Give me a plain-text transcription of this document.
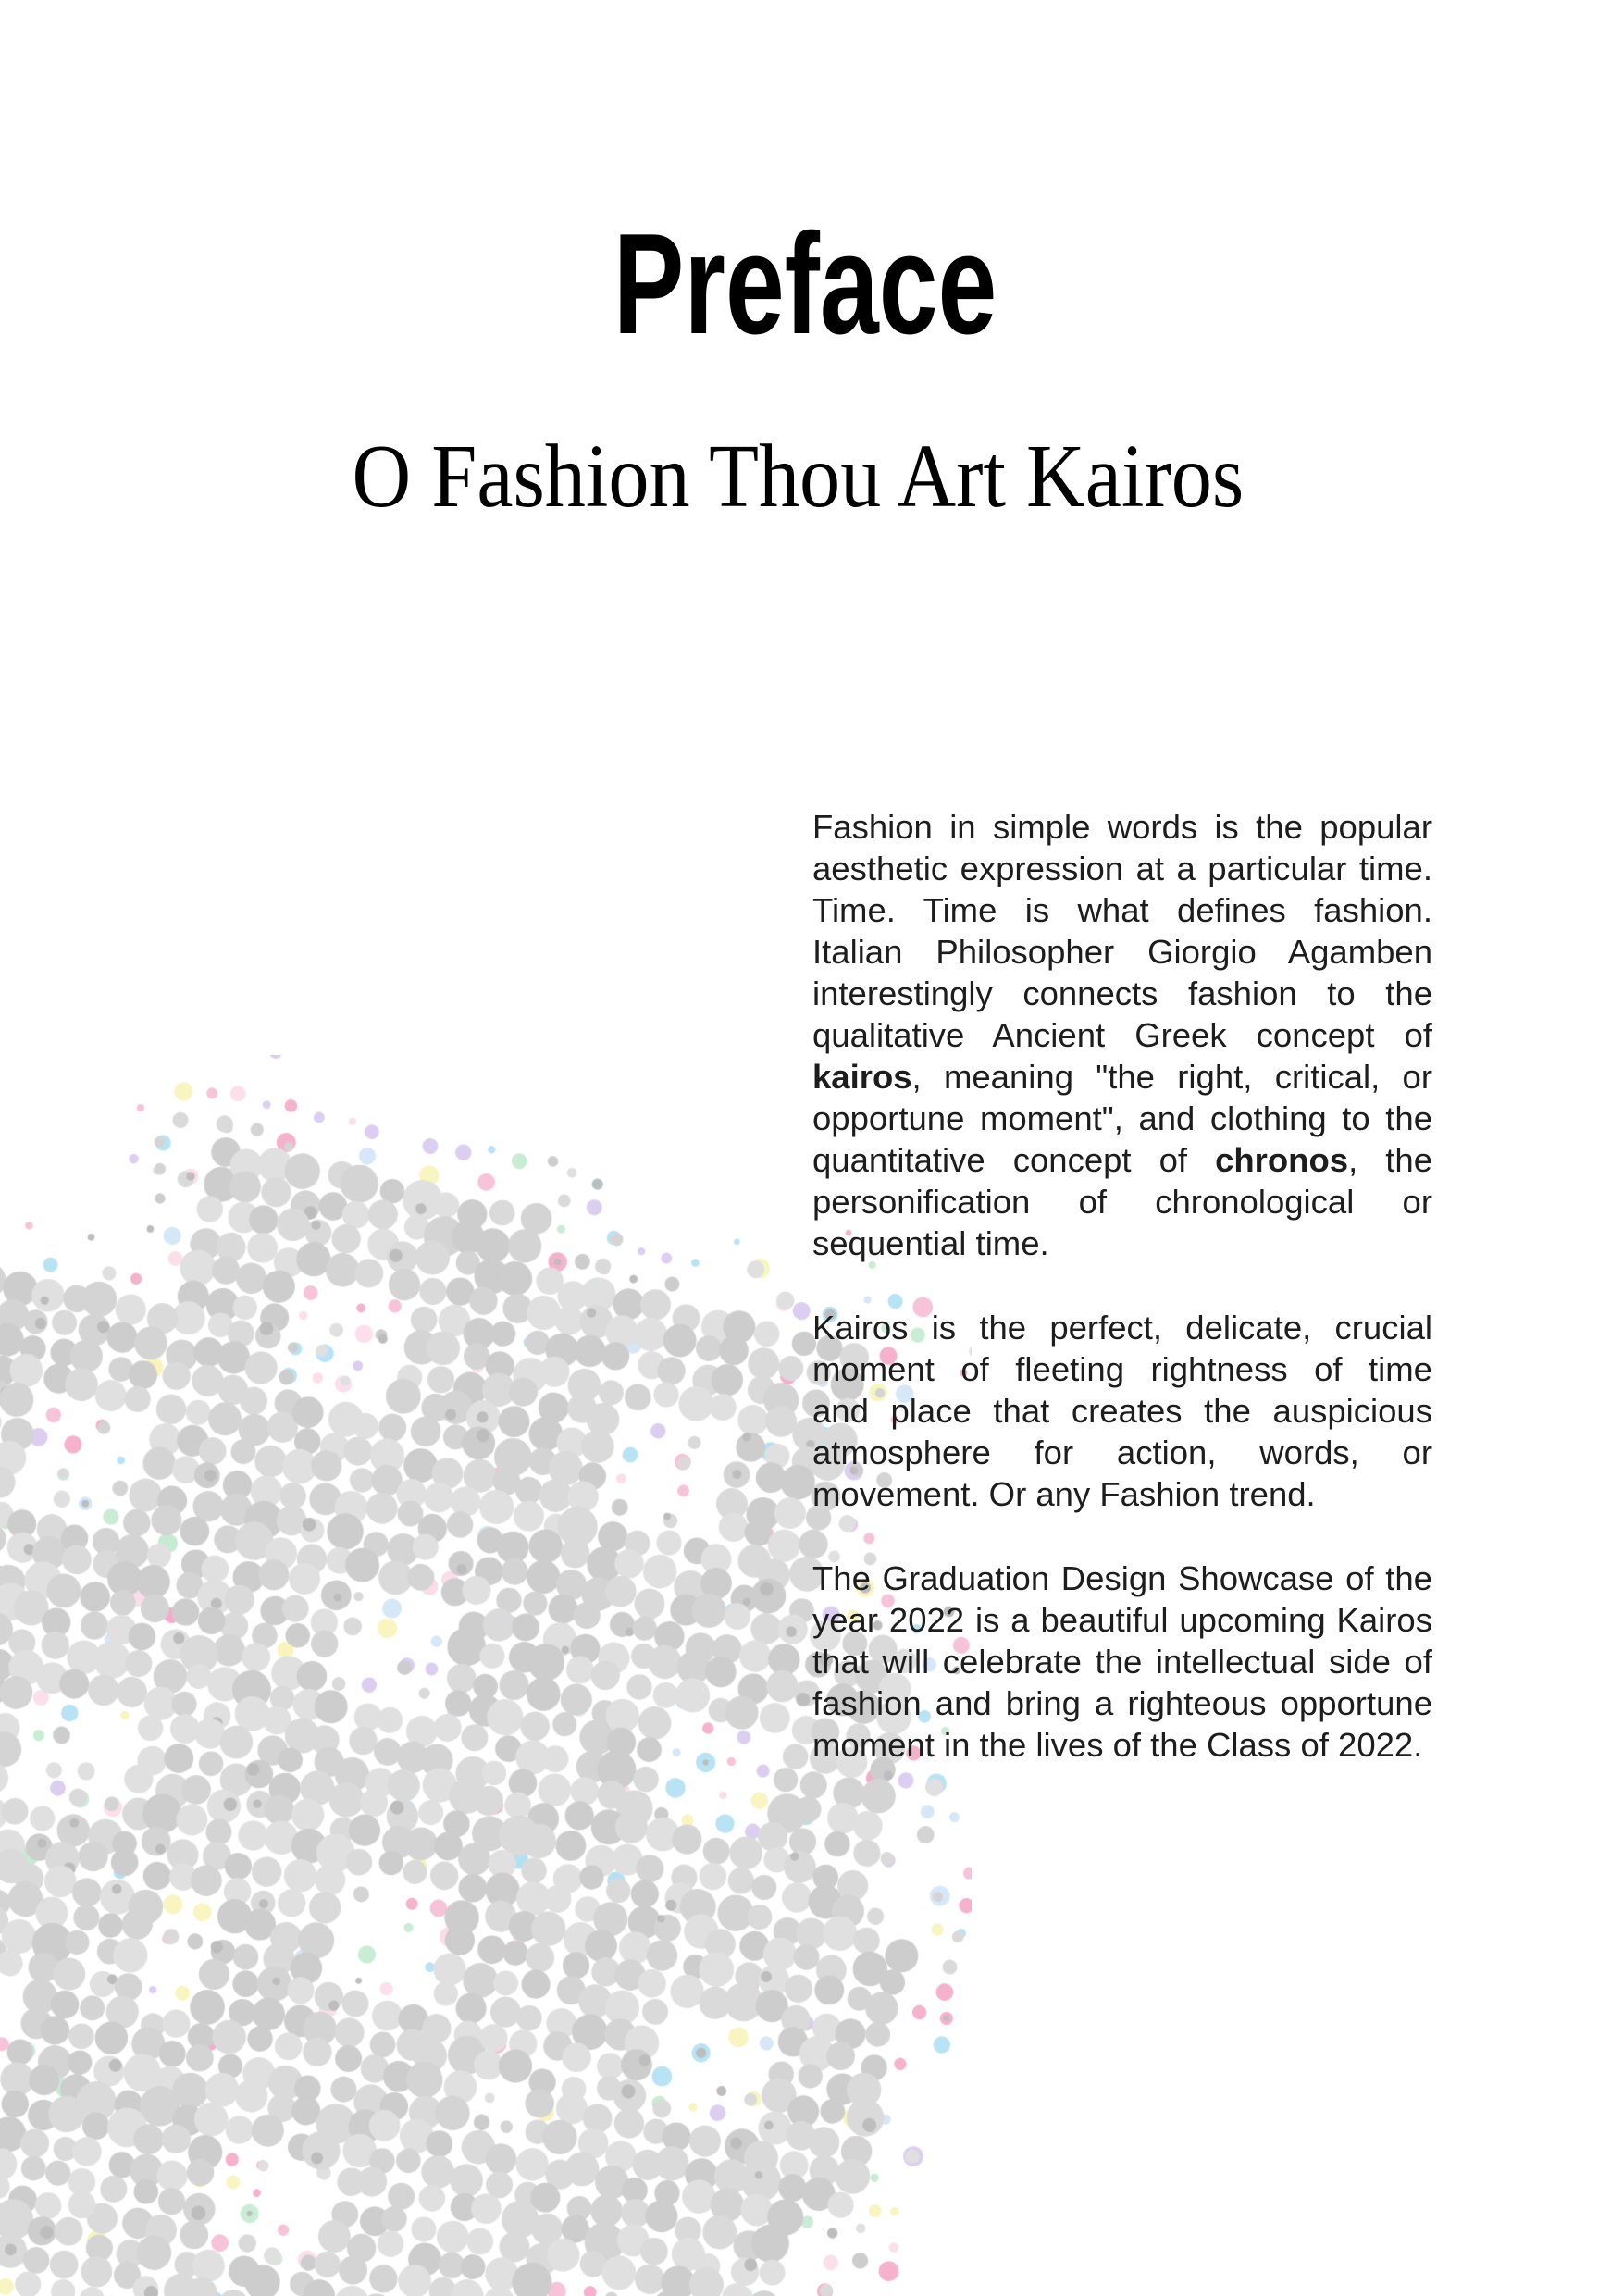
Preface
O Fashion Thou Art Kairos
Fashion in simple words is the popular
aesthetic expression at a particular time.
Time. Time is what defines fashion.
Italian Philosopher Giorgio Agamben
interestingly connects fashion to the
qualitative Ancient Greek concept of
kairos, meaning "the right, critical, or
opportune moment", and clothing to the
quantitative concept of chronos, the
personification of chronological or
sequential time.
Kairos is the perfect, delicate, crucial
moment of fleeting rightness of time
and place that creates the auspicious
atmosphere for action, words, or
movement. Or any Fashion trend.
The Graduation Design Showcase of the
year 2022 is a beautiful upcoming Kairos
that will celebrate the intellectual side of
fashion and bring a righteous opportune
moment in the lives of the Class of 2022.
